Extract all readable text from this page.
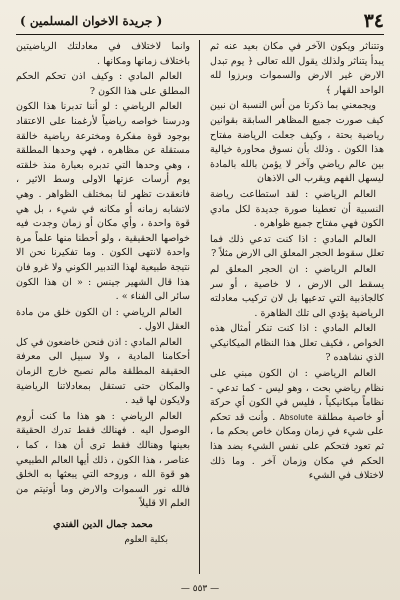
٣٤
( جريدة الاخوان المسلمين )

وتتناثر ويكون الآخر في مكان بعيد عنه ثم يبدأ يتناثر ولذلك يقول الله تعالى ﴿ يوم تبدل الارض غير الارض والسموات وبرزوا لله الواحد القهار ﴾

ويجمعني بما ذكرتا من أس النسبة ان نبين كيف صورت جميع المظاهر السابقة بقوانين رياضية بحتة ، وكيف جعلت الرياضة مفتاح هذا الكون . وذلك بأن نسوق محاورة خيالية بين عالم رياضي وآخر لا يؤمن بالله بالمادة ليسهل الفهم ويقرب الى الاذهان

العالم الرياضي : لقد استطاعت رياضة النسبية أن تعطينا صورة جديدة لكل مادي الكون فهي مفتاح جميع ظواهره .

العالم المادي : اذا كنت تدعي ذلك فما تعلل سقوط الحجر المعلق الى الارض مثلاً ?

العالم الرياضي : ان الحجر المعلق لم يسقط الى الارض ، لا خاصية ، أو سر كالجاذبية التي تدعيها بل لان تركيب معادلته الرياضية يؤدي الى تلك الظاهرة .

العالم المادي : اذا كنت تنكر أمثال هذه الخواص ، فكيف تعلل هذا النظام الميكانيكي الذي نشاهده ?

العالم الرياضي : ان الكون مبني على نظام رياضي بحت ، وهو ليس - كما تدعي - نظاماً ميكانيكياً ، فليس في الكون أي حركة أو خاصية مطلقة Absolute . وأنت قد تحكم على شيء في زمان ومكان خاص بحكم ما ، ثم تعود فتحكم على نفس الشيء بضد هذا الحكم في مكان وزمان آخر . وما ذلك لاختلاف في الشيء

وانما لاختلاف في معادلتك الرياضيتين باختلاف زمانها ومكانها .

العالم المادي : وكيف اذن تحكم الحكم المطلق على هذا الكون ?

العالم الرياضي : لو أننا تدبرنا هذا الكون ودرسنا خواصه رياضياً لأرغمنا على الاعتقاد بوجود قوة مفكرة ومخترعة رياضية خالقة مستقلة عن مظاهره ، فهي وحدها المطلقة ، وهي وحدها التي تدبره بعبارة منذ خلقته يوم أرسات عزتها الاولى وسط الاثير ، فانعقدت تظهر لنا بمختلف الظواهر . وهي لاتشابه زمانه أو مكانه في شيء ، بل هي قوة واحدة ، وأي مكان أو زمان وجدت فيه خواصها الحقيقية ، ولو أحطنا منها علماً مرة واحدة لانتهى الكون . وما تفكيرنا نحن الا نتيجة طبيعية لهذا التدبير الكوني ولا غرو فان هذا قال الشهير جينس : « ان هذا الكون سائر الى الفناء » .

العالم الرياضي : ان الكون خلق من مادة العقل الاول .

العالم المادي : اذن فنحن خاضعون في كل أحكامنا المادية ، ولا سبيل الى معرفة الحقيقة المطلقة مالم نصبح خارج الزمان والمكان حتى تستقل بمعادلاتنا الرياضية ولايكون لها قيد .

العالم الرياضي : هو هذا ما كنت أروم الوصول اليه . فهنالك فقط تدرك الحقيقة بعينها وهنالك فقط ترى أن هذا ، كما ، عناصر ، هذا الكون ، ذلك أيها العالم الطبيعي هو قوة الله ، وروحه التي يبعثها به الخلق فالله نور السموات والارض وما أوتيتم من العلم الا قليلاً

محمد جمال الدين الفندي

بكلية العلوم

— ٥٥٣ —
